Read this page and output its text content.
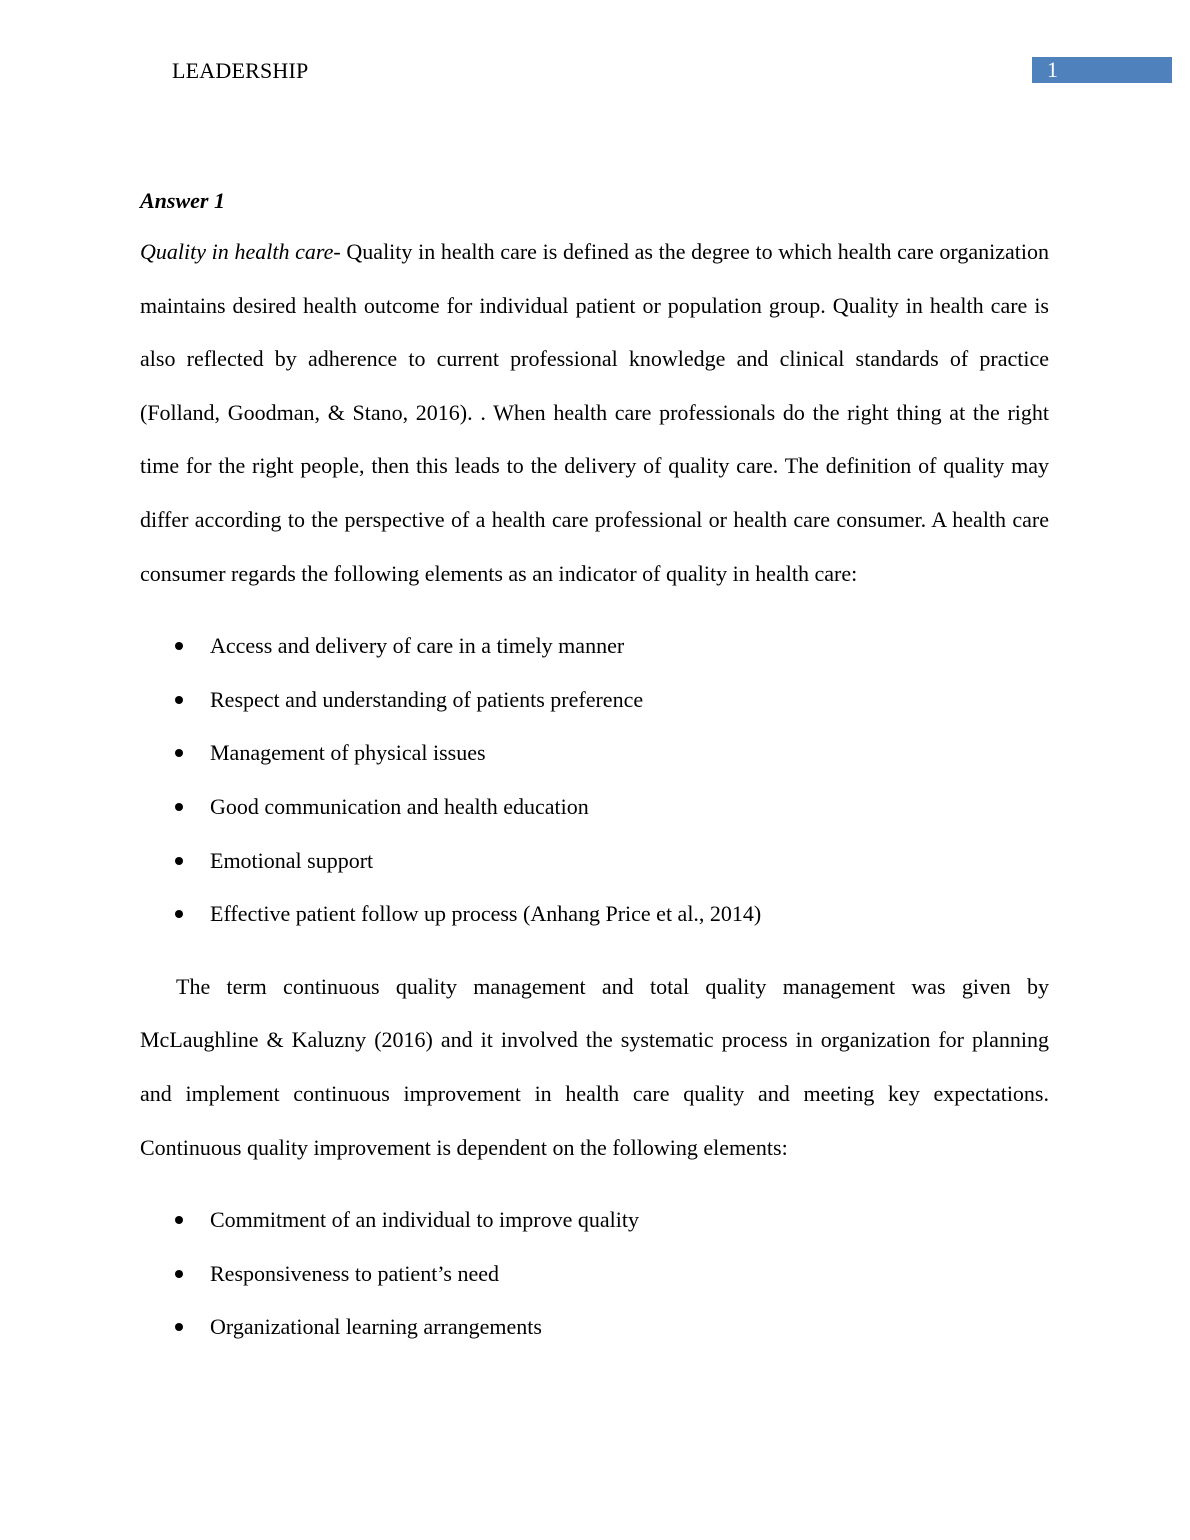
LEADERSHIP	1
Answer 1

Quality in health care- Quality in health care is defined as the degree to which health care organization maintains desired health outcome for individual patient or population group. Quality in health care is also reflected by adherence to current professional knowledge and clinical standards of practice (Folland, Goodman, & Stano, 2016). . When health care professionals do the right thing at the right time for the right people, then this leads to the delivery of quality care. The definition of quality may differ according to the perspective of a health care professional or health care consumer. A health care consumer regards the following elements as an indicator of quality in health care:

Access and delivery of care in a timely manner
Respect and understanding of patients preference
Management of physical issues
Good communication and health education
Emotional support
Effective patient follow up process (Anhang Price et al., 2014)

The term continuous quality management and total quality management was given by McLaughline & Kaluzny (2016) and it involved the systematic process in organization for planning and implement continuous improvement in health care quality and meeting key expectations. Continuous quality improvement is dependent on the following elements:

Commitment of an individual to improve quality
Responsiveness to patient’s need
Organizational learning arrangements
